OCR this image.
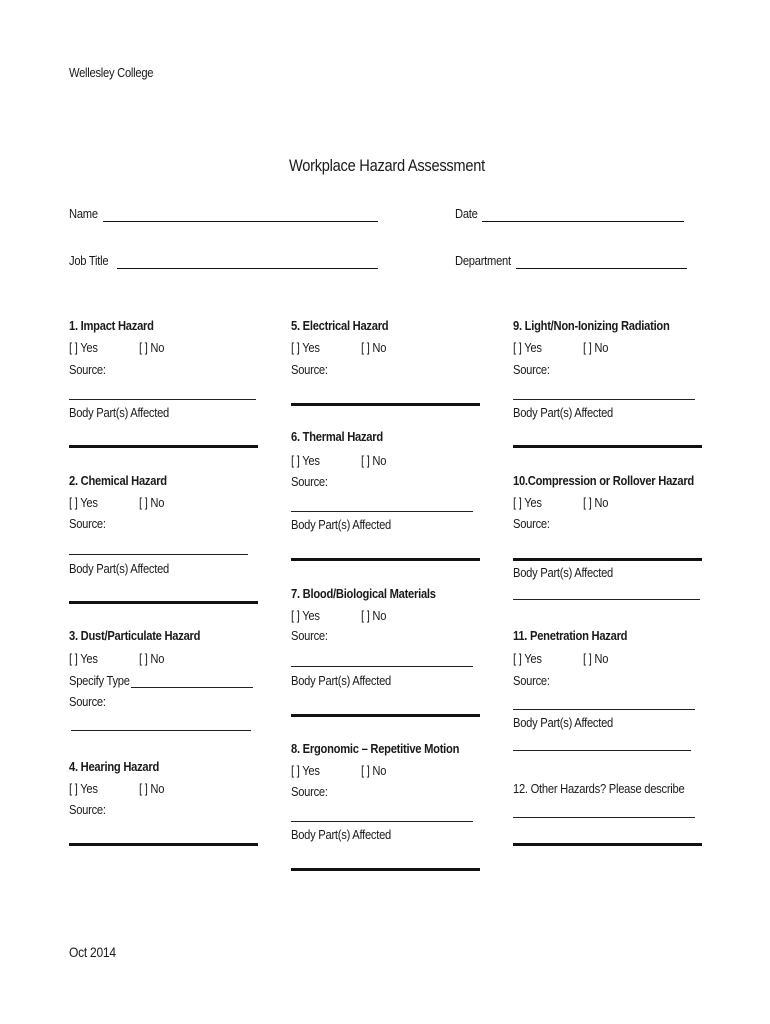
Wellesley College
Workplace Hazard Assessment
Name	Date
Job Title	Department
1. Impact Hazard
[ ] Yes	[ ] No
Source:
Body Part(s) Affected
2. Chemical Hazard
[ ] Yes	[ ] No
Source:
Body Part(s) Affected
3. Dust/Particulate Hazard
[ ] Yes	[ ] No
Specify Type
Source:
4. Hearing Hazard
[ ] Yes	[ ] No
Source:
5. Electrical Hazard
[ ] Yes	[ ] No
Source:
6. Thermal Hazard
[ ] Yes	[ ] No
Source:
Body Part(s) Affected
7. Blood/Biological Materials
[ ] Yes	[ ] No
Source:
Body Part(s) Affected
8. Ergonomic – Repetitive Motion
[ ] Yes	[ ] No
Source:
Body Part(s) Affected
9. Light/Non-Ionizing Radiation
[ ] Yes	[ ] No
Source:
Body Part(s) Affected
10.Compression or Rollover Hazard
[ ] Yes	[ ] No
Source:
Body Part(s) Affected
11. Penetration Hazard
[ ] Yes	[ ] No
Source:
Body Part(s) Affected
12. Other Hazards? Please describe
Oct 2014
